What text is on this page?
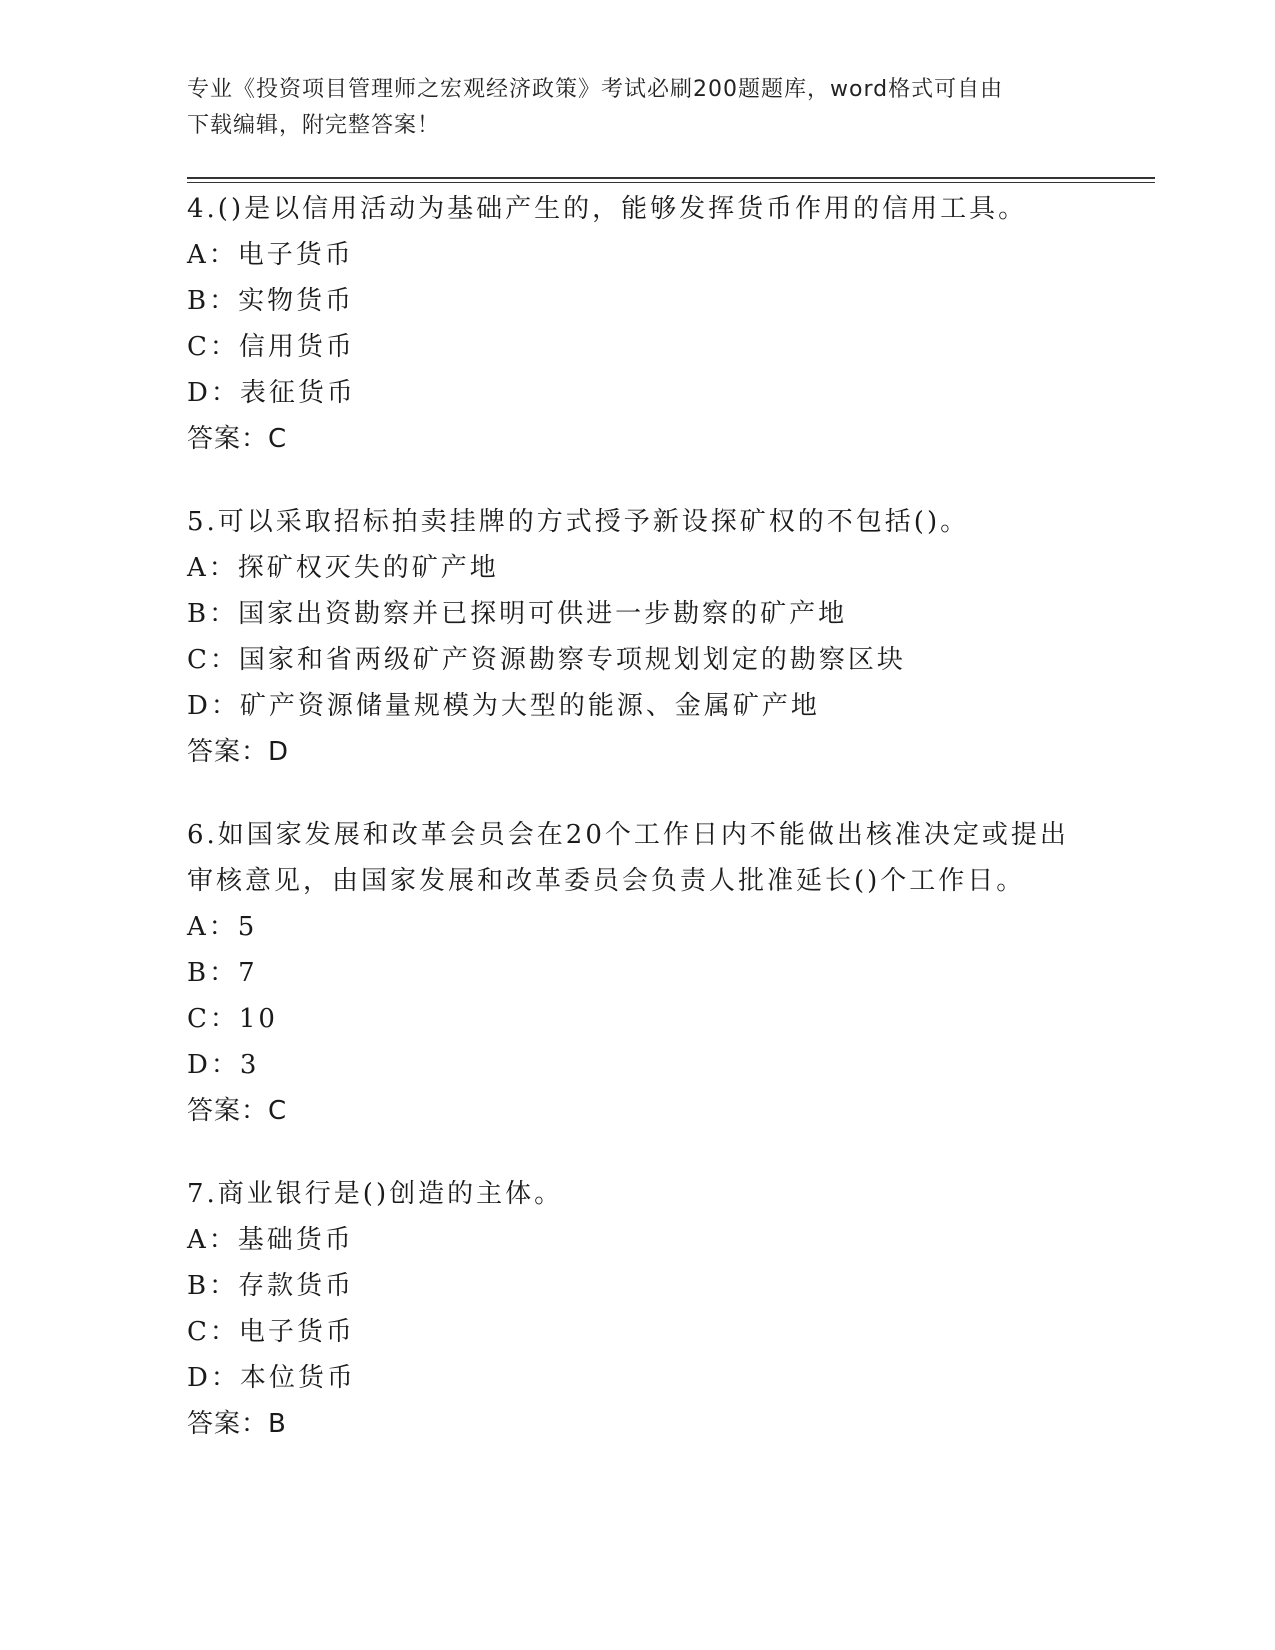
专业《投资项目管理师之宏观经济政策》考试必刷200题题库，word格式可自由
下载编辑，附完整答案！
4.()是以信用活动为基础产生的，能够发挥货币作用的信用工具。
A：电子货币
B：实物货币
C：信用货币
D：表征货币
答案：C
5.可以采取招标拍卖挂牌的方式授予新设探矿权的不包括()。
A：探矿权灭失的矿产地
B：国家出资勘察并已探明可供进一步勘察的矿产地
C：国家和省两级矿产资源勘察专项规划划定的勘察区块
D：矿产资源储量规模为大型的能源、金属矿产地
答案：D
6.如国家发展和改革会员会在20个工作日内不能做出核准决定或提出
审核意见，由国家发展和改革委员会负责人批准延长()个工作日。
A：5
B：7
C：10
D：3
答案：C
7.商业银行是()创造的主体。
A：基础货币
B：存款货币
C：电子货币
D：本位货币
答案：B
